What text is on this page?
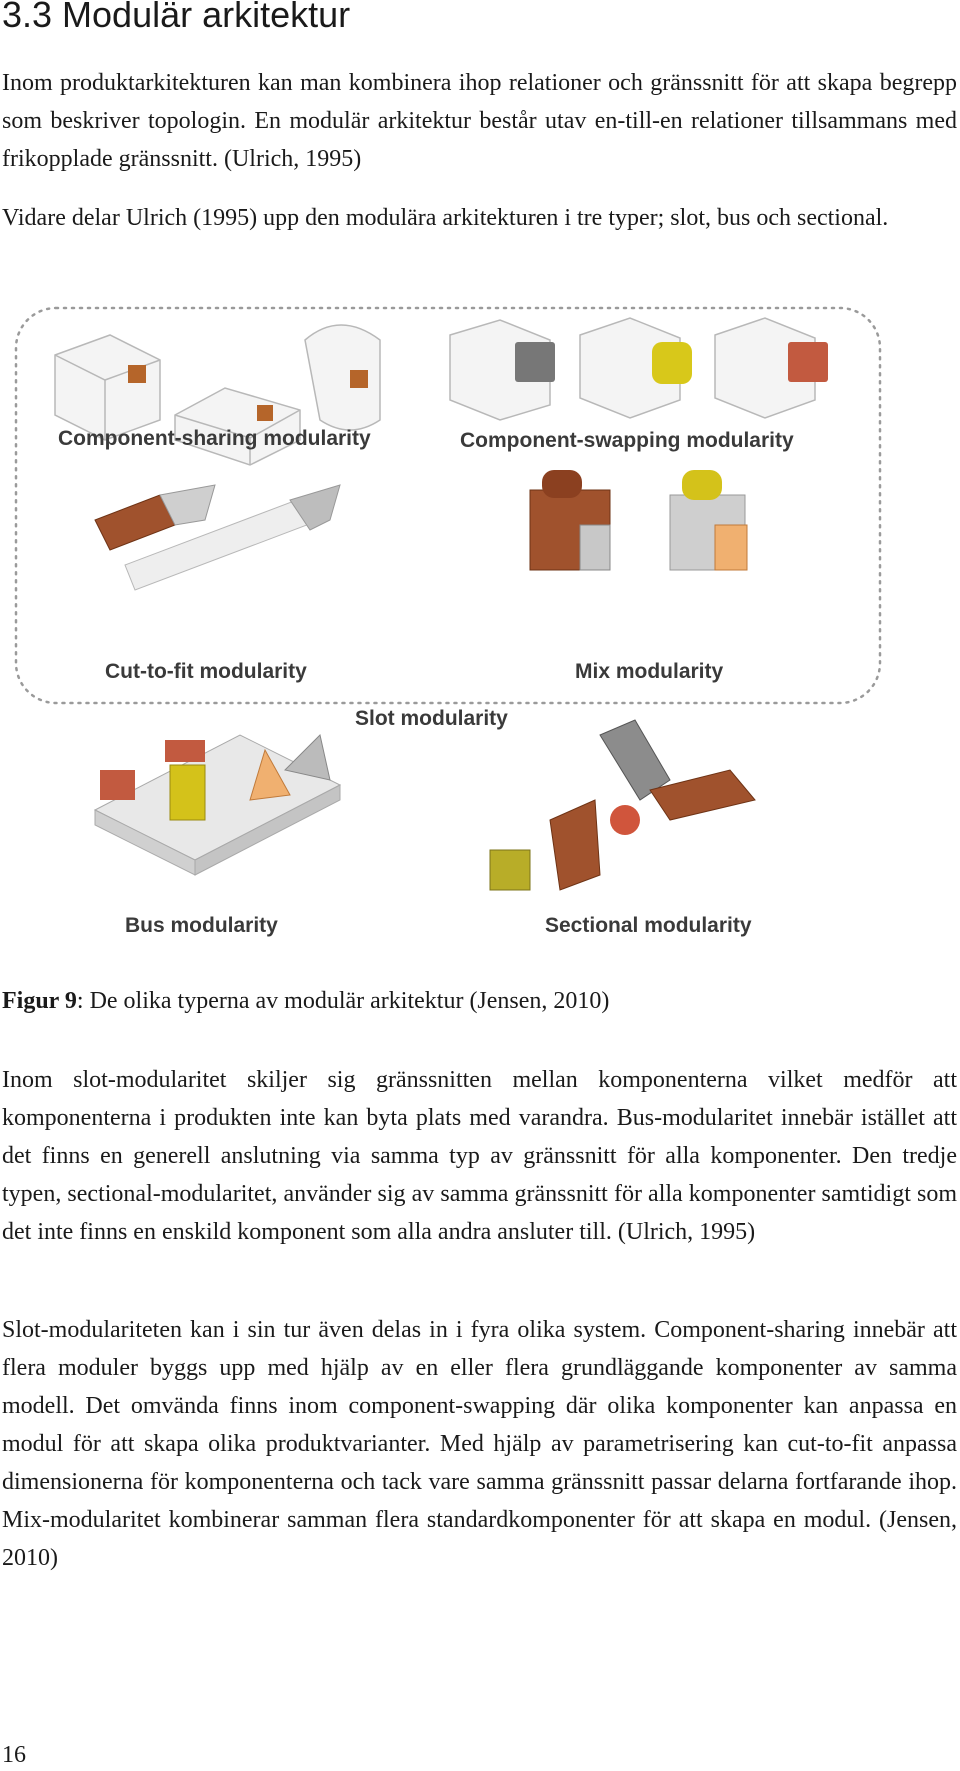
3.3 Modulär arkitektur

Inom produktarkitekturen kan man kombinera ihop relationer och gränssnitt för att skapa begrepp som beskriver topologin. En modulär arkitektur består utav en-till-en relationer tillsammans med frikopplade gränssnitt. (Ulrich, 1995)

Vidare delar Ulrich (1995) upp den modulära arkitekturen i tre typer; slot, bus och sectional.

Component-sharing modularity	Component-swapping modularity
Cut-to-fit modularity	Mix modularity
Slot modularity
Bus modularity	Sectional modularity
Figur 9: De olika typerna av modulär arkitektur (Jensen, 2010)

Inom slot-modularitet skiljer sig gränssnitten mellan komponenterna vilket medför att komponenterna i produkten inte kan byta plats med varandra. Bus-modularitet innebär istället att det finns en generell anslutning via samma typ av gränssnitt för alla komponenter. Den tredje typen, sectional-modularitet, använder sig av samma gränssnitt för alla komponenter samtidigt som det inte finns en enskild komponent som alla andra ansluter till. (Ulrich, 1995)

Slot-modulariteten kan i sin tur även delas in i fyra olika system. Component-sharing innebär att flera moduler byggs upp med hjälp av en eller flera grundläggande komponenter av samma modell. Det omvända finns inom component-swapping där olika komponenter kan anpassa en modul för att skapa olika produktvarianter. Med hjälp av parametrisering kan cut-to-fit anpassa dimensionerna för komponenterna och tack vare samma gränssnitt passar delarna fortfarande ihop. Mix-modularitet kombinerar samman flera standardkomponenter för att skapa en modul. (Jensen, 2010)

16
